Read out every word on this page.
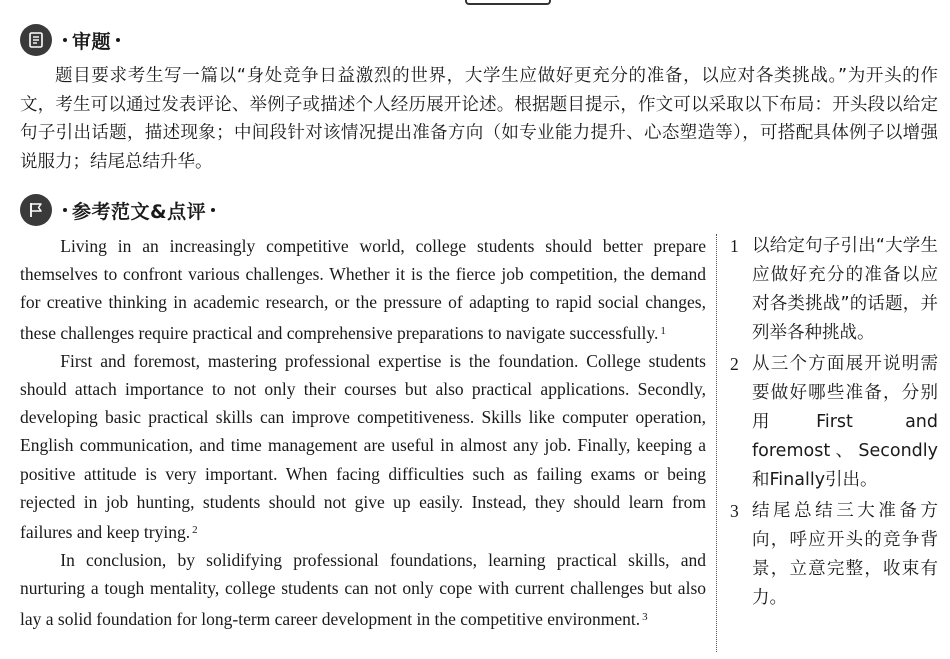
审题
题目要求考生写一篇以“身处竞争日益激烈的世界，大学生应做好更充分的准备，以应对各类挑战。”为开头的作文，考生可以通过发表评论、举例子或描述个人经历展开论述。根据题目提示，作文可以采取以下布局：开头段以给定句子引出话题，描述现象；中间段针对该情况提出准备方向（如专业能力提升、心态塑造等），可搭配具体例子以增强说服力；结尾总结升华。
参考范文&点评

Living in an increasingly competitive world, college students should better prepare themselves to confront various challenges. Whether it is the fierce job competition, the demand for creative thinking in academic research, or the pressure of adapting to rapid social changes, these challenges require practical and comprehensive preparations to navigate successfully. $^1$

First and foremost, mastering professional expertise is the foundation. College students should attach importance to not only their courses but also practical applications. Secondly, developing basic practical skills can improve competitiveness. Skills like computer operation, English communication, and time management are useful in almost any job. Finally, keeping a positive attitude is very important. When facing difficulties such as failing exams or being rejected in job hunting, students should not give up easily. Instead, they should learn from failures and keep trying. $^2$

In conclusion, by solidifying professional foundations, learning practical skills, and nurturing a tough mentality, college students can not only cope with current challenges but also lay a solid foundation for long-term career development in the competitive environment. $^3$

1 以给定句子引出“大学生应做好充分的准备以应对各类挑战”的话题，并列举各种挑战。
2 从三个方面展开说明需要做好哪些准备，分别用First and foremost、Secondly和Finally引出。
3 结尾总结三大准备方向，呼应开头的竞争背景，立意完整，收束有力。
